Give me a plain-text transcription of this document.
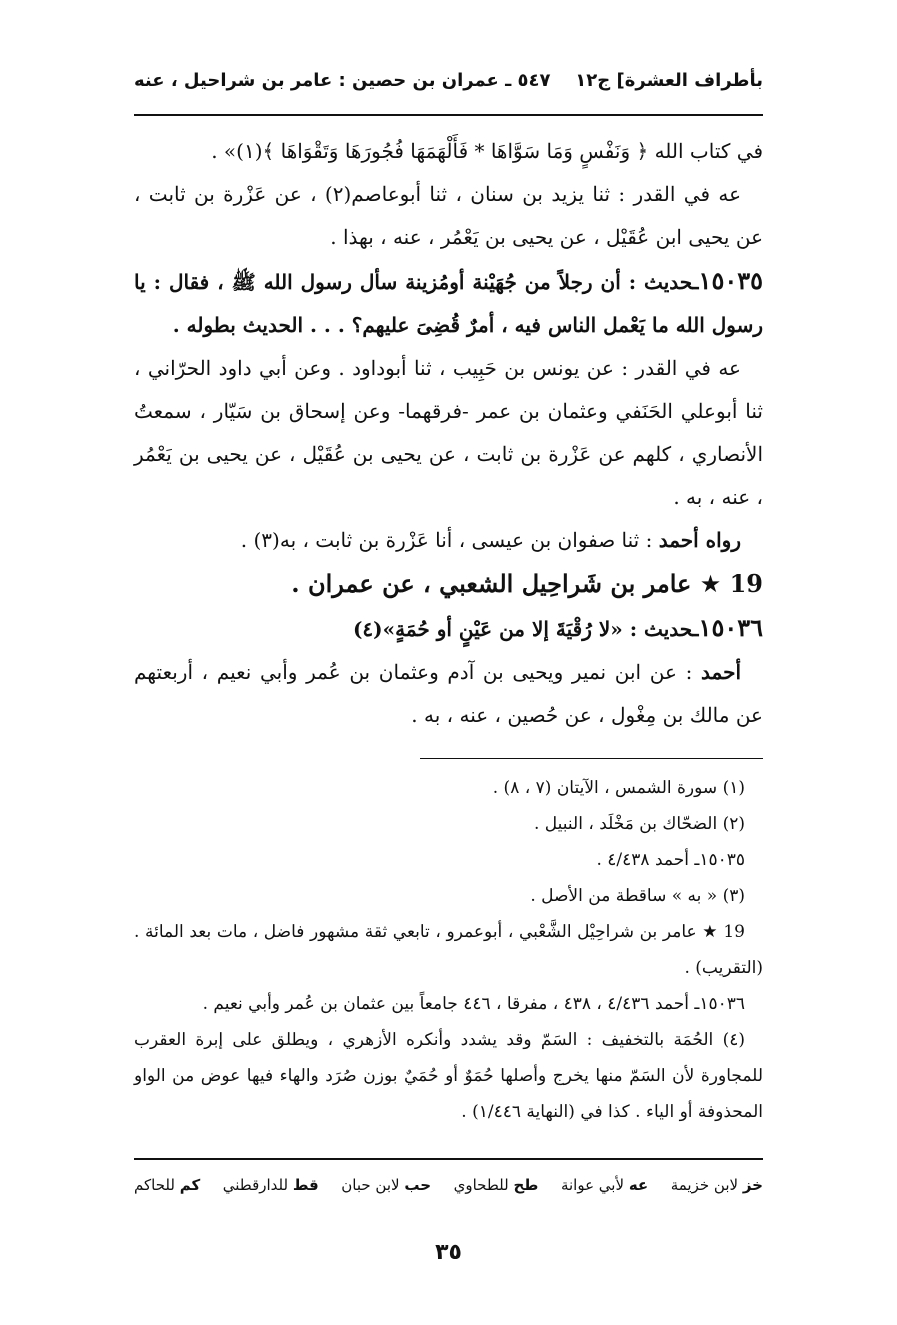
بأطراف العشرة] ج١٢
٥٤٧ ـ عمران بن حصين : عامر بن شراحيل ، عنه

في كتاب الله ﴿ وَنَفْسٍ وَمَا سَوَّاهَا * فَأَلْهَمَهَا فُجُورَهَا وَتَقْوَاهَا ﴾(١)» .

عه في القدر : ثنا يزيد بن سنان ، ثنا أبوعاصم(٢) ، عن عَزْرة بن ثابت ، عن يحيى ابن عُقَيْل ، عن يحيى بن يَعْمُر ، عنه ، بهذا .

١٥٠٣٥ـحديث : أن رجلاً من جُهَيْنة أومُزينة سأل رسول الله ﷺ ، فقال : يا رسول الله ما يَعْمل الناس فيه ، أمرٌ قُضِىَ عليهم؟ . . . الحديث بطوله .

عه في القدر : عن يونس بن حَبِيب ، ثنا أبوداود . وعن أبي داود الحرّاني ، ثنا أبوعلي الحَنَفي وعثمان بن عمر -فرقهما- وعن إسحاق بن سَيّار ، سمعتُ الأنصاري ، كلهم عن عَزْرة بن ثابت ، عن يحيى بن عُقَيْل ، عن يحيى بن يَعْمُر ، عنه ، به .

رواه أحمد : ثنا صفوان بن عيسى ، أنا عَزْرة بن ثابت ، به(٣) .

19 ★ عامر بن شَراحِيل الشعبي ، عن عمران .

١٥٠٣٦ـحديث : «لا رُقْيَةَ إلا من عَيْنٍ أو حُمَةٍ»(٤)

أحمد : عن ابن نمير ويحيى بن آدم وعثمان بن عُمر وأبي نعيم ، أربعتهم عن مالك بن مِغْول ، عن حُصين ، عنه ، به .

(١) سورة الشمس ، الآيتان (٧ ، ٨) .

(٢) الضحّاك بن مَخْلَد ، النبيل .

١٥٠٣٥ـ أحمد ٤/٤٣٨ .

(٣) « به » ساقطة من الأصل .

19 ★ عامر بن شراحِيْل الشَّعْبي ، أبوعمرو ، تابعي ثقة مشهور فاضل ، مات بعد المائة . (التقريب) .

١٥٠٣٦ـ أحمد ٤/٤٣٦ ، ٤٣٨ ، مفرقا ، ٤٤٦ جامعاً بين عثمان بن عُمر وأبي نعيم .

(٤) الحُمَة بالتخفيف : السَمّ وقد يشدد وأنكره الأزهري ، ويطلق على إبرة العقرب للمجاورة لأن السَمّ منها يخرج وأصلها حُمَوٌ أو حُمَيٌ بوزن صُرَد والهاء فيها عوض من الواو المحذوفة أو الياء . كذا في (النهاية ١/٤٤٦) .

خز لابن خزيمة
عه لأبي عوانة
طح للطحاوي
حب لابن حبان
قط للدارقطني
كم للحاكم
٣٥
